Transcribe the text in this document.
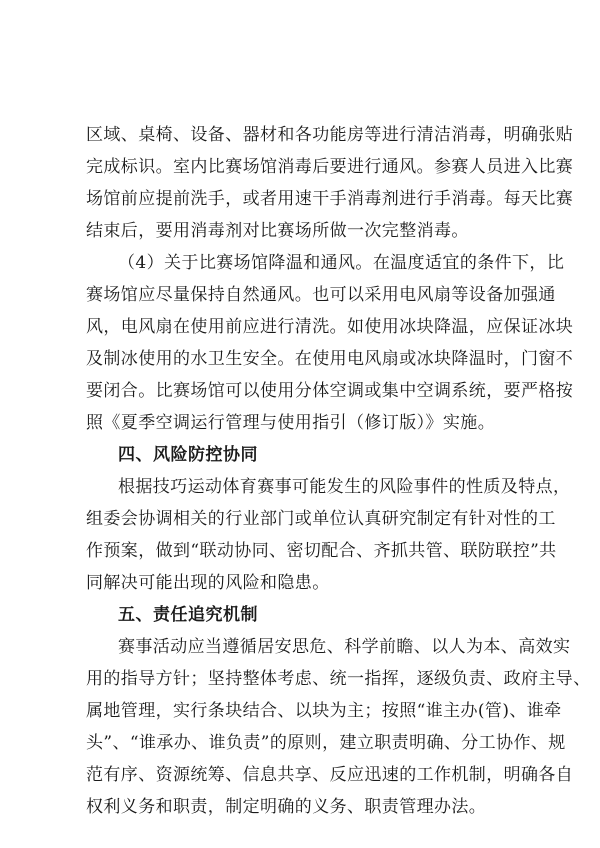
区域、桌椅、设备、器材和各功能房等进行清洁消毒，明确张贴
完成标识。室内比赛场馆消毒后要进行通风。参赛人员进入比赛
场馆前应提前洗手，或者用速干手消毒剂进行手消毒。每天比赛
结束后，要用消毒剂对比赛场所做一次完整消毒。
（4）关于比赛场馆降温和通风。在温度适宜的条件下，比
赛场馆应尽量保持自然通风。也可以采用电风扇等设备加强通
风，电风扇在使用前应进行清洗。如使用冰块降温，应保证冰块
及制冰使用的水卫生安全。在使用电风扇或冰块降温时，门窗不
要闭合。比赛场馆可以使用分体空调或集中空调系统，要严格按
照《夏季空调运行管理与使用指引（修订版）》实施。
四、风险防控协同
根据技巧运动体育赛事可能发生的风险事件的性质及特点，
组委会协调相关的行业部门或单位认真研究制定有针对性的工
作预案，做到“联动协同、密切配合、齐抓共管、联防联控”共
同解决可能出现的风险和隐患。
五、责任追究机制
赛事活动应当遵循居安思危、科学前瞻、以人为本、高效实
用的指导方针；坚持整体考虑、统一指挥，逐级负责、政府主导、
属地管理，实行条块结合、以块为主；按照“谁主办(管)、谁牵
头”、“谁承办、谁负责”的原则，建立职责明确、分工协作、规
范有序、资源统筹、信息共享、反应迅速的工作机制，明确各自
权利义务和职责，制定明确的义务、职责管理办法。
